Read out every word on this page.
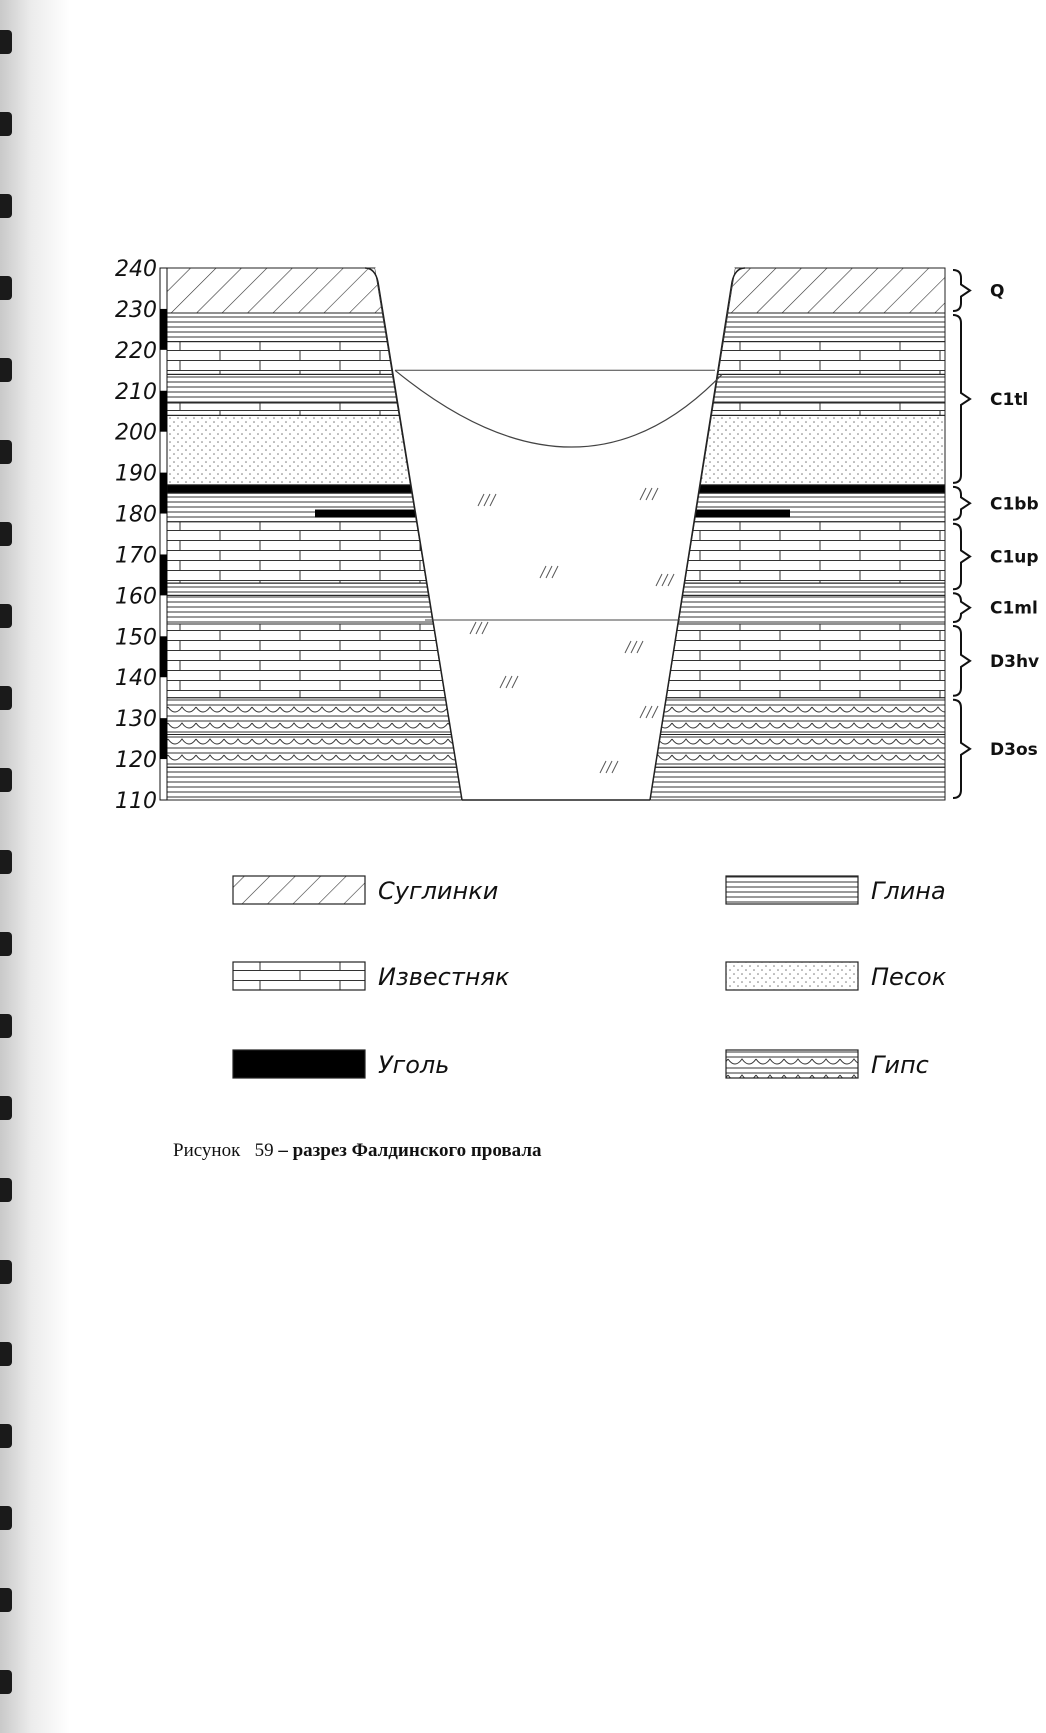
240
230
220
210
200
190
180
170
160
150
140
130
120
110
Q
C1tl
C1bb
C1up
C1ml
D3hv
D3os
Суглинки	Глина
Известняк	Песок
Уголь	Гипс
Рисунок   59 – разрез Фалдинского провала
